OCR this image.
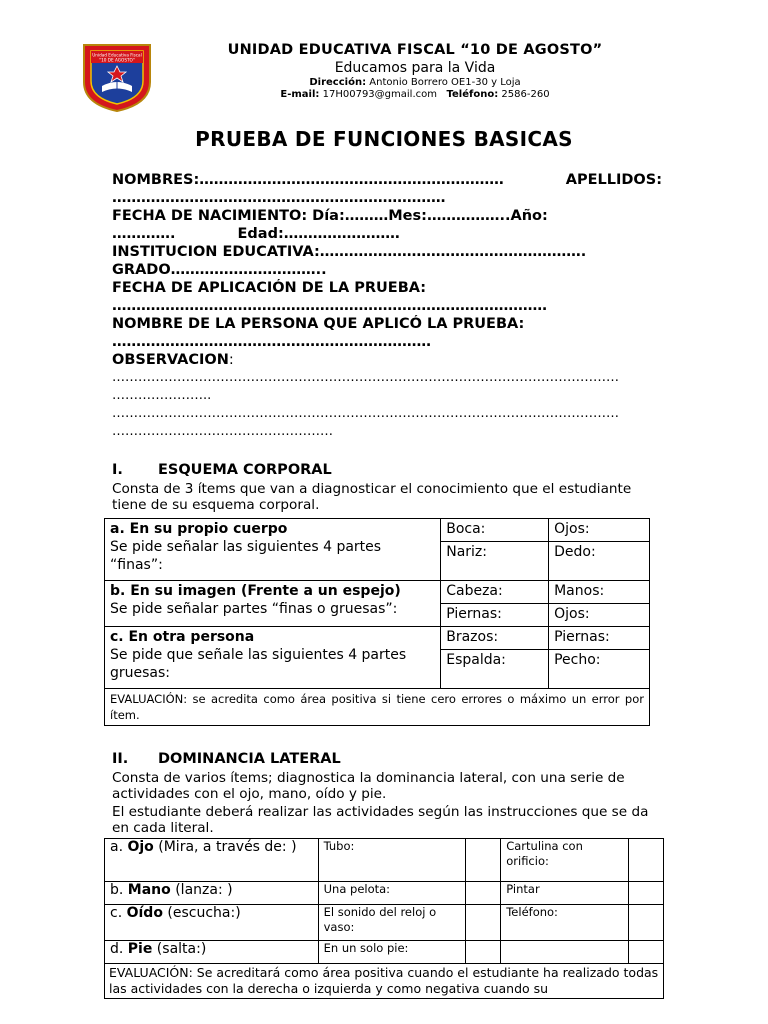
Unidad Educativa Fiscal
"10 DE AGOSTO"
UNIDAD EDUCATIVA FISCAL “10 DE AGOSTO”
Educamos para la Vida
Dirección: Antonio Borrero OE1-30 y Loja
E-mail: 17H00793@gmail.com Teléfono: 2586-260
PRUEBA DE FUNCIONES BASICAS
NOMBRES:………………………………………………………	APELLIDOS:
……………………………………………………………
FECHA DE NACIMIENTO: Día:………Mes:……………..Año:
………….	Edad:……………………
INSTITUCION EDUCATIVA:……………………………………………….
GRADO…………………………..
FECHA DE APLICACIÓN DE LA PRUEBA:
………………………………………………………………………………
NOMBRE DE LA PERSONA QUE APLICÓ LA PRUEBA:
…………………………………………………………
OBSERVACION:
………………………………………………………………………………………………………
…………………..
………………………………………………………………………………………………………
……………………………………………
I. ESQUEMA CORPORAL
Consta de 3 ítems que van a diagnosticar el conocimiento que el estudiante tiene de su esquema corporal.
a. En su propio cuerpo
Se pide señalar las siguientes 4 partes “finas”:	Boca:	Ojos:
	Nariz:	Dedo:

b. En su imagen (Frente a un espejo)
Se pide señalar partes “finas o gruesas”:	Cabeza:	Manos:
	Piernas:	Ojos:

c. En otra persona
Se pide que señale las siguientes 4 partes gruesas:	Brazos:	Piernas:
	Espalda:	Pecho:
EVALUACIÓN: se acredita como área positiva si tiene cero errores o máximo un error por ítem.		
II. DOMINANCIA LATERAL
Consta de varios ítems; diagnostica la dominancia lateral, con una serie de actividades con el ojo, mano, oído y pie.
El estudiante deberá realizar las actividades según las instrucciones que se da en cada literal.
a. Ojo (Mira, a través de: )	Tubo:		Cartulina con orificio:	
b. Mano (lanza: )	Una pelota:		Pintar	
c. Oído (escucha:)	El sonido del reloj o vaso:		Teléfono:	
d. Pie (salta:)	En un solo pie:			
EVALUACIÓN: Se acreditará como área positiva cuando el estudiante ha realizado todas las actividades con la derecha o izquierda y como negativa cuando su				
